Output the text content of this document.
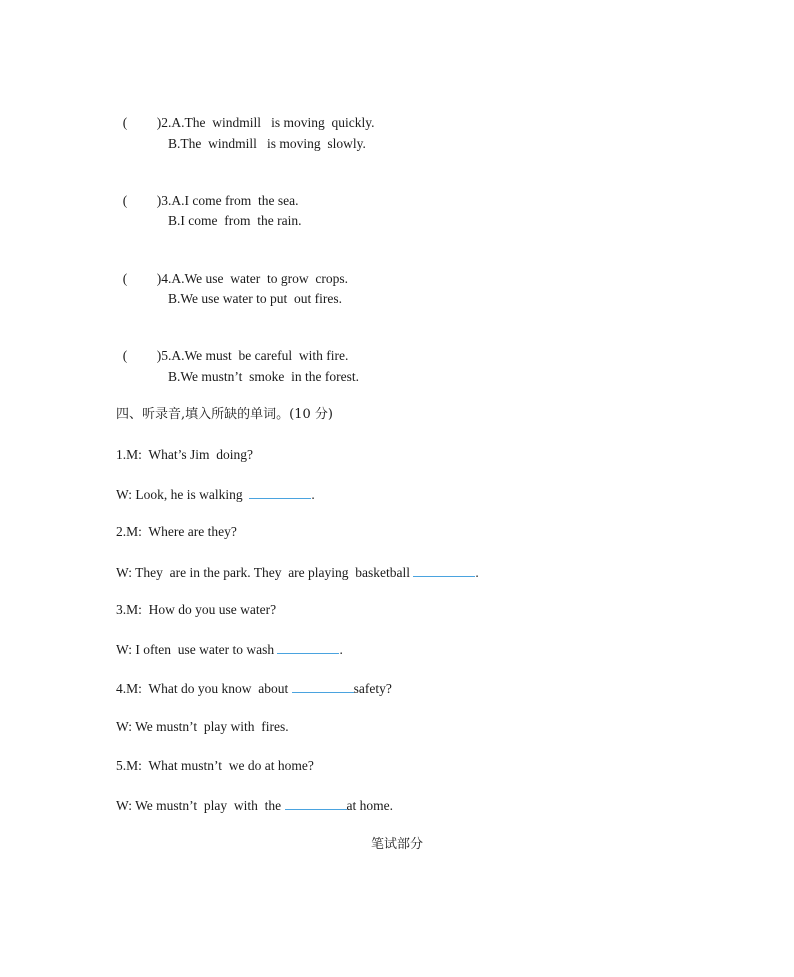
( )2.A.The  windmill   is moving  quickly.

B.The  windmill   is moving  slowly.

( )3.A.I come from  the sea.

B.I come  from  the rain.

( )4.A.We use  water  to grow  crops.

B.We use water to put  out fires.

( )5.A.We must  be careful  with fire.

B.We mustn’t  smoke  in the forest.
四、听录音,填入所缺的单词。(10 分)
1.M:  What’s Jim  doing?
W: Look, he is walking	.
2.M:  Where are they?
W: They  are in the park. They  are playing  basketball	.
3.M:  How do you use water?
W: I often  use water to wash	.
4.M:  What do you know  about	safety?
W: We mustn’t  play with  fires.
5.M:  What mustn’t  we do at home?
W: We mustn’t  play  with  the	at home.
笔试部分
